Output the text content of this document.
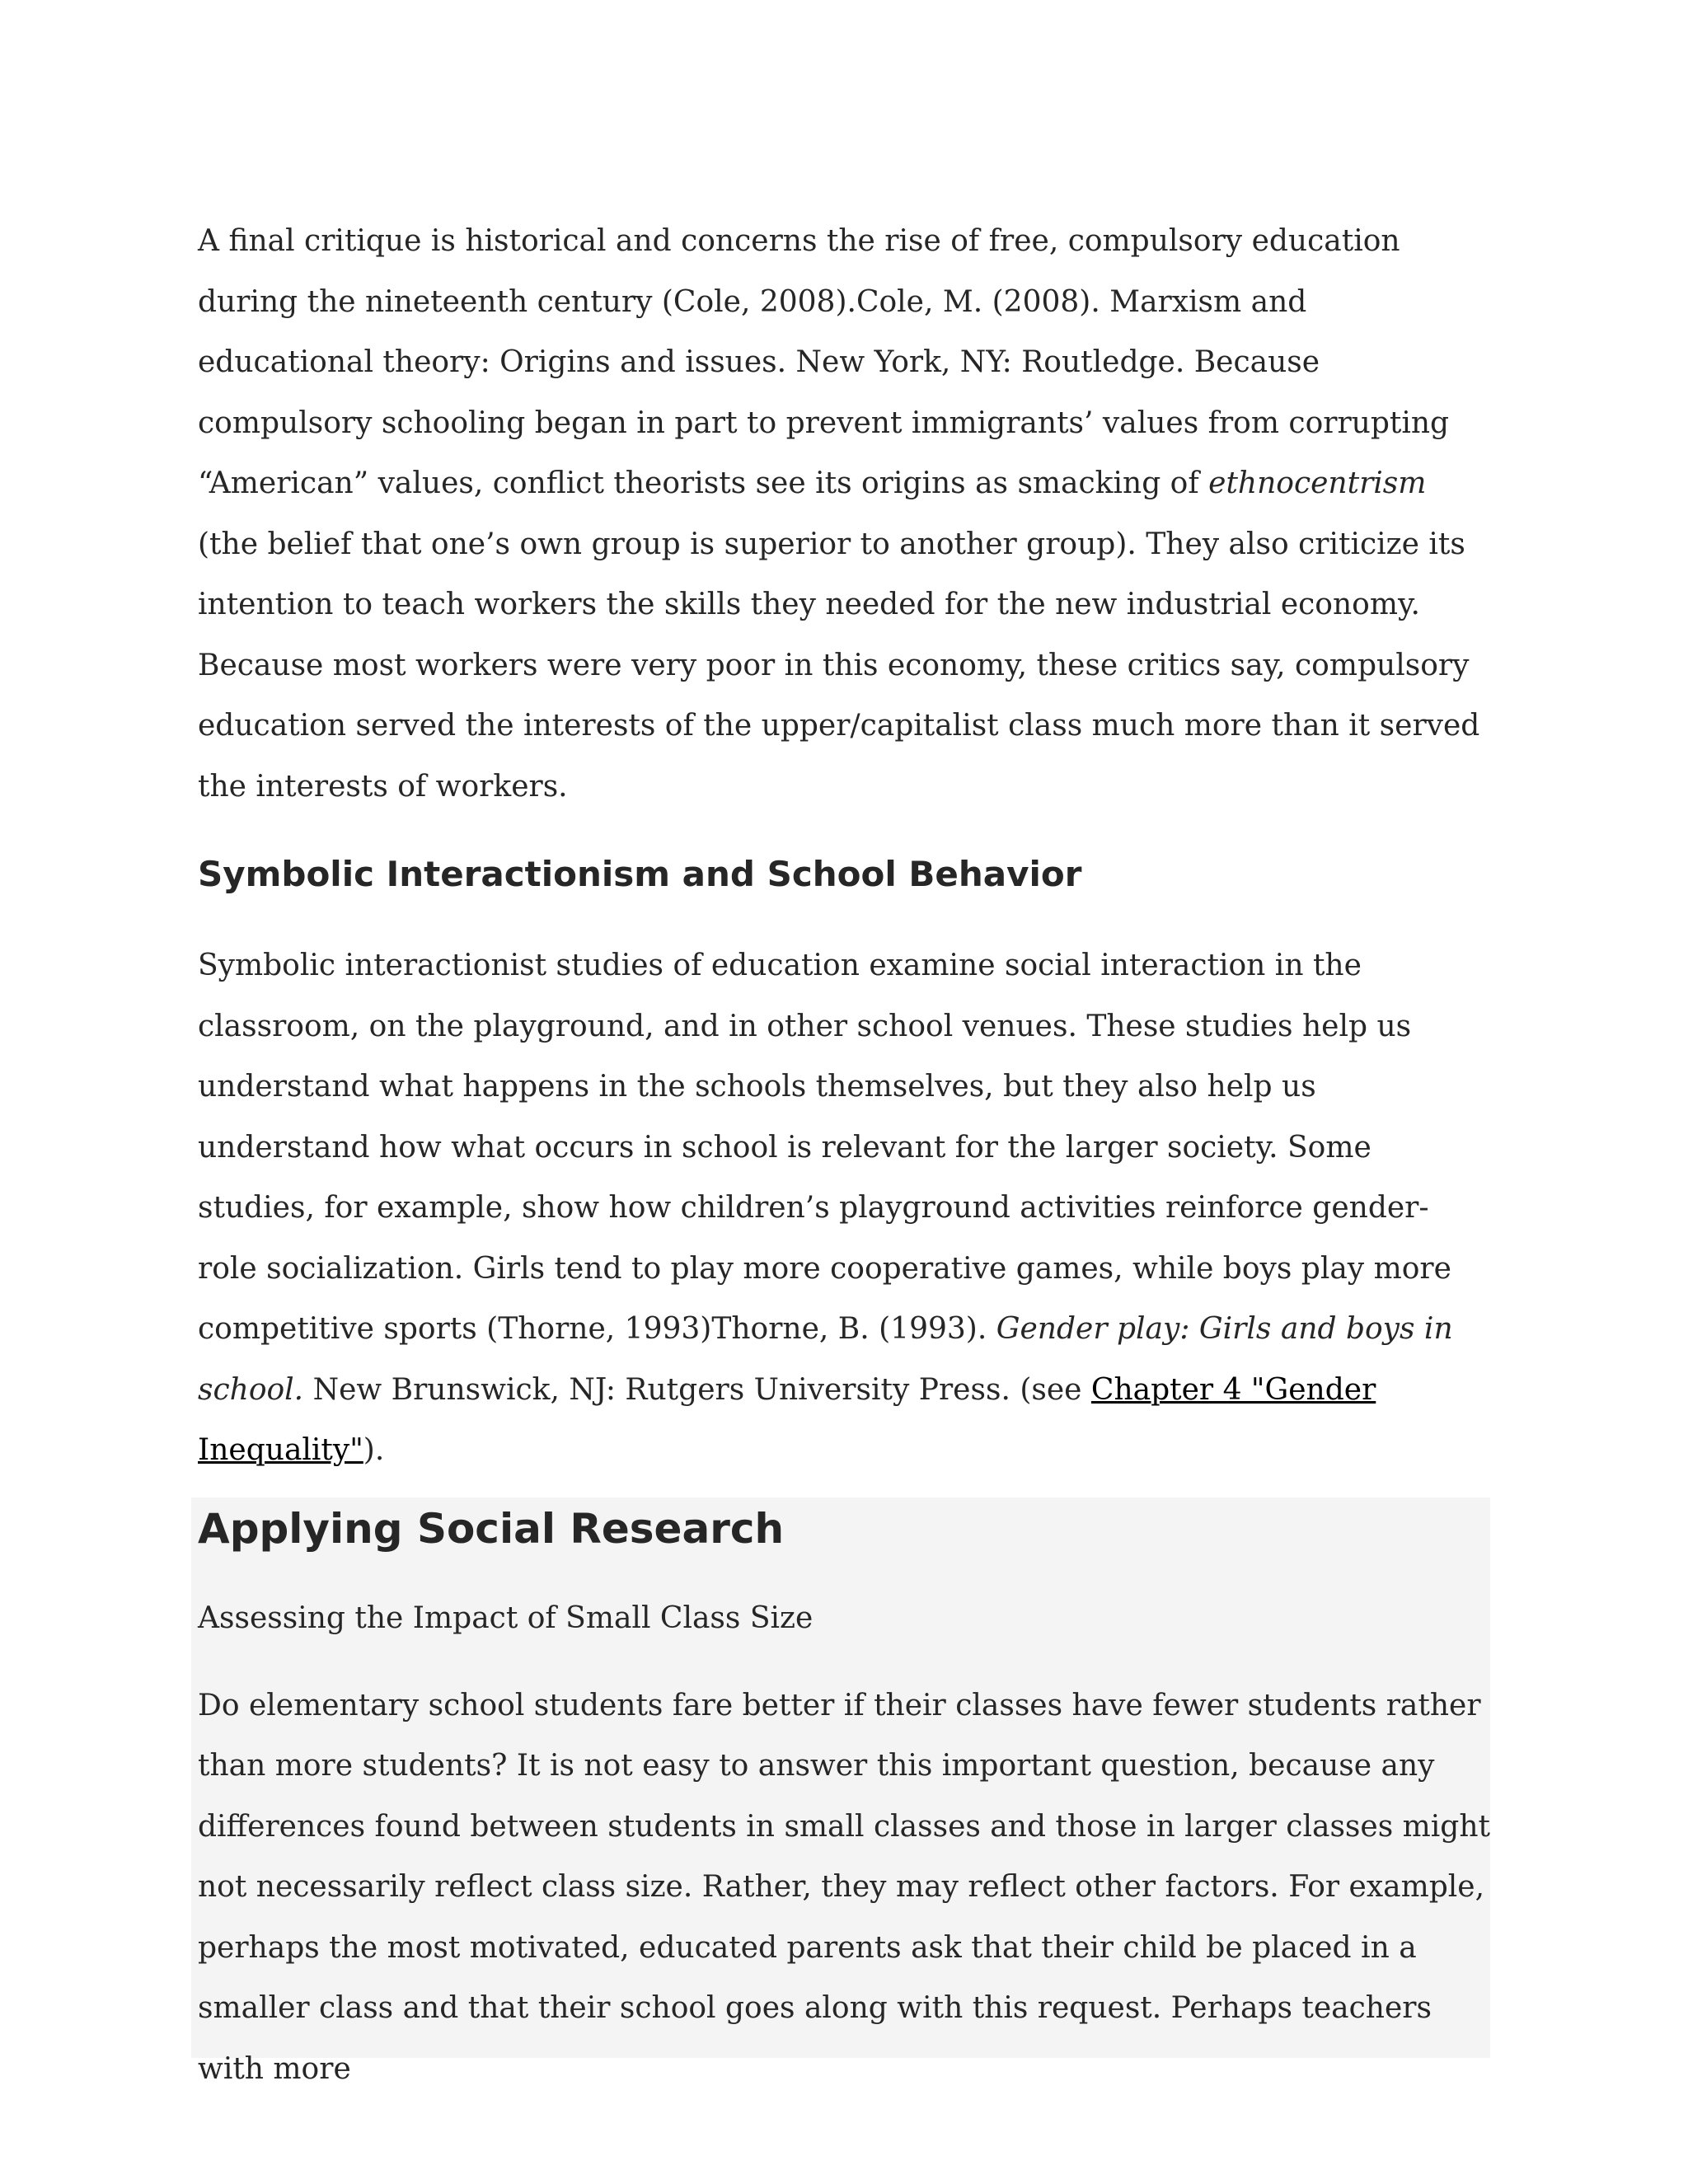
A final critique is historical and concerns the rise of free, compulsory education during the nineteenth century (Cole, 2008).Cole, M. (2008). Marxism and educational theory: Origins and issues. New York, NY: Routledge. Because compulsory schooling began in part to prevent immigrants’ values from corrupting “American” values, conflict theorists see its origins as smacking of ethnocentrism (the belief that one’s own group is superior to another group). They also criticize its intention to teach workers the skills they needed for the new industrial economy. Because most workers were very poor in this economy, these critics say, compulsory education served the interests of the upper/capitalist class much more than it served the interests of workers.

Symbolic Interactionism and School Behavior

Symbolic interactionist studies of education examine social interaction in the classroom, on the playground, and in other school venues. These studies help us understand what happens in the schools themselves, but they also help us understand how what occurs in school is relevant for the larger society. Some studies, for example, show how children’s playground activities reinforce gender-role socialization. Girls tend to play more cooperative games, while boys play more competitive sports (Thorne, 1993)Thorne, B. (1993). Gender play: Girls and boys in school. New Brunswick, NJ: Rutgers University Press. (see Chapter 4 "Gender Inequality").

Applying Social Research

Assessing the Impact of Small Class Size

Do elementary school students fare better if their classes have fewer students rather than more students? It is not easy to answer this important question, because any differences found between students in small classes and those in larger classes might not necessarily reflect class size. Rather, they may reflect other factors. For example, perhaps the most motivated, educated parents ask that their child be placed in a smaller class and that their school goes along with this request. Perhaps teachers with more
